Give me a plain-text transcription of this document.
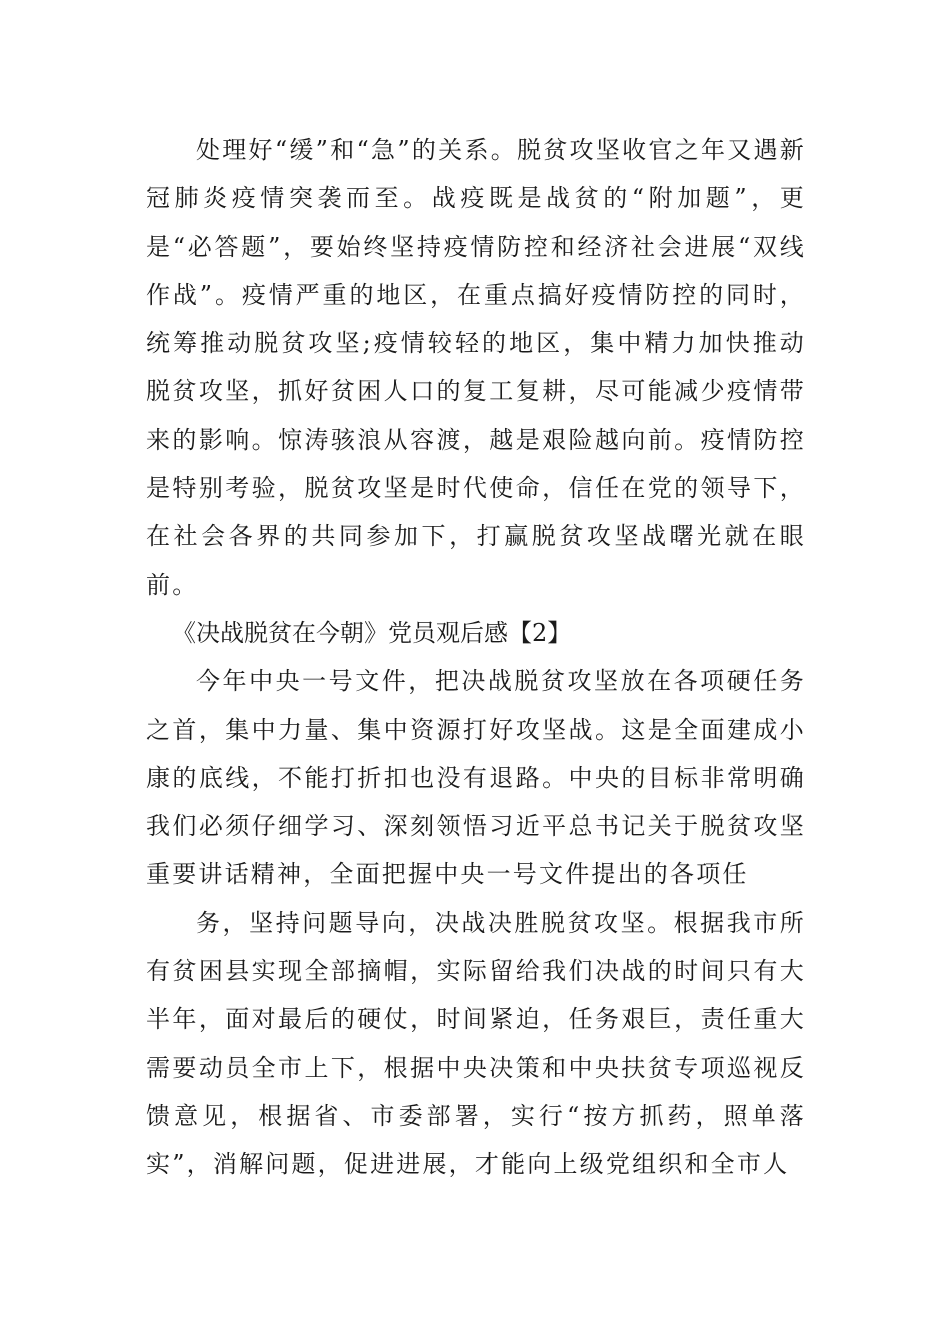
处理好“缓”和“急”的关系。脱贫攻坚收官之年又遇新冠肺炎疫情突袭而至。战疫既是战贫的“附加题”，更是“必答题”，要始终坚持疫情防控和经济社会进展“双线作战”。疫情严重的地区，在重点搞好疫情防控的同时，统筹推动脱贫攻坚;疫情较轻的地区，集中精力加快推动脱贫攻坚，抓好贫困人口的复工复耕，尽可能减少疫情带来的影响。惊涛骇浪从容渡，越是艰险越向前。疫情防控是特别考验，脱贫攻坚是时代使命，信任在党的领导下，在社会各界的共同参加下，打赢脱贫攻坚战曙光就在眼前。

《决战脱贫在今朝》党员观后感【2】

今年中央一号文件，把决战脱贫攻坚放在各项硬任务之首，集中力量、集中资源打好攻坚战。这是全面建成小康的底线，不能打折扣也没有退路。中央的目标非常明确我们必须仔细学习、深刻领悟习近平总书记关于脱贫攻坚重要讲话精神，全面把握中央一号文件提出的各项任

务，坚持问题导向，决战决胜脱贫攻坚。根据我市所有贫困县实现全部摘帽，实际留给我们决战的时间只有大半年，面对最后的硬仗，时间紧迫，任务艰巨，责任重大需要动员全市上下，根据中央决策和中央扶贫专项巡视反馈意见，根据省、市委部署，实行“按方抓药，照单落实”，消解问题，促进进展，才能向上级党组织和全市人
